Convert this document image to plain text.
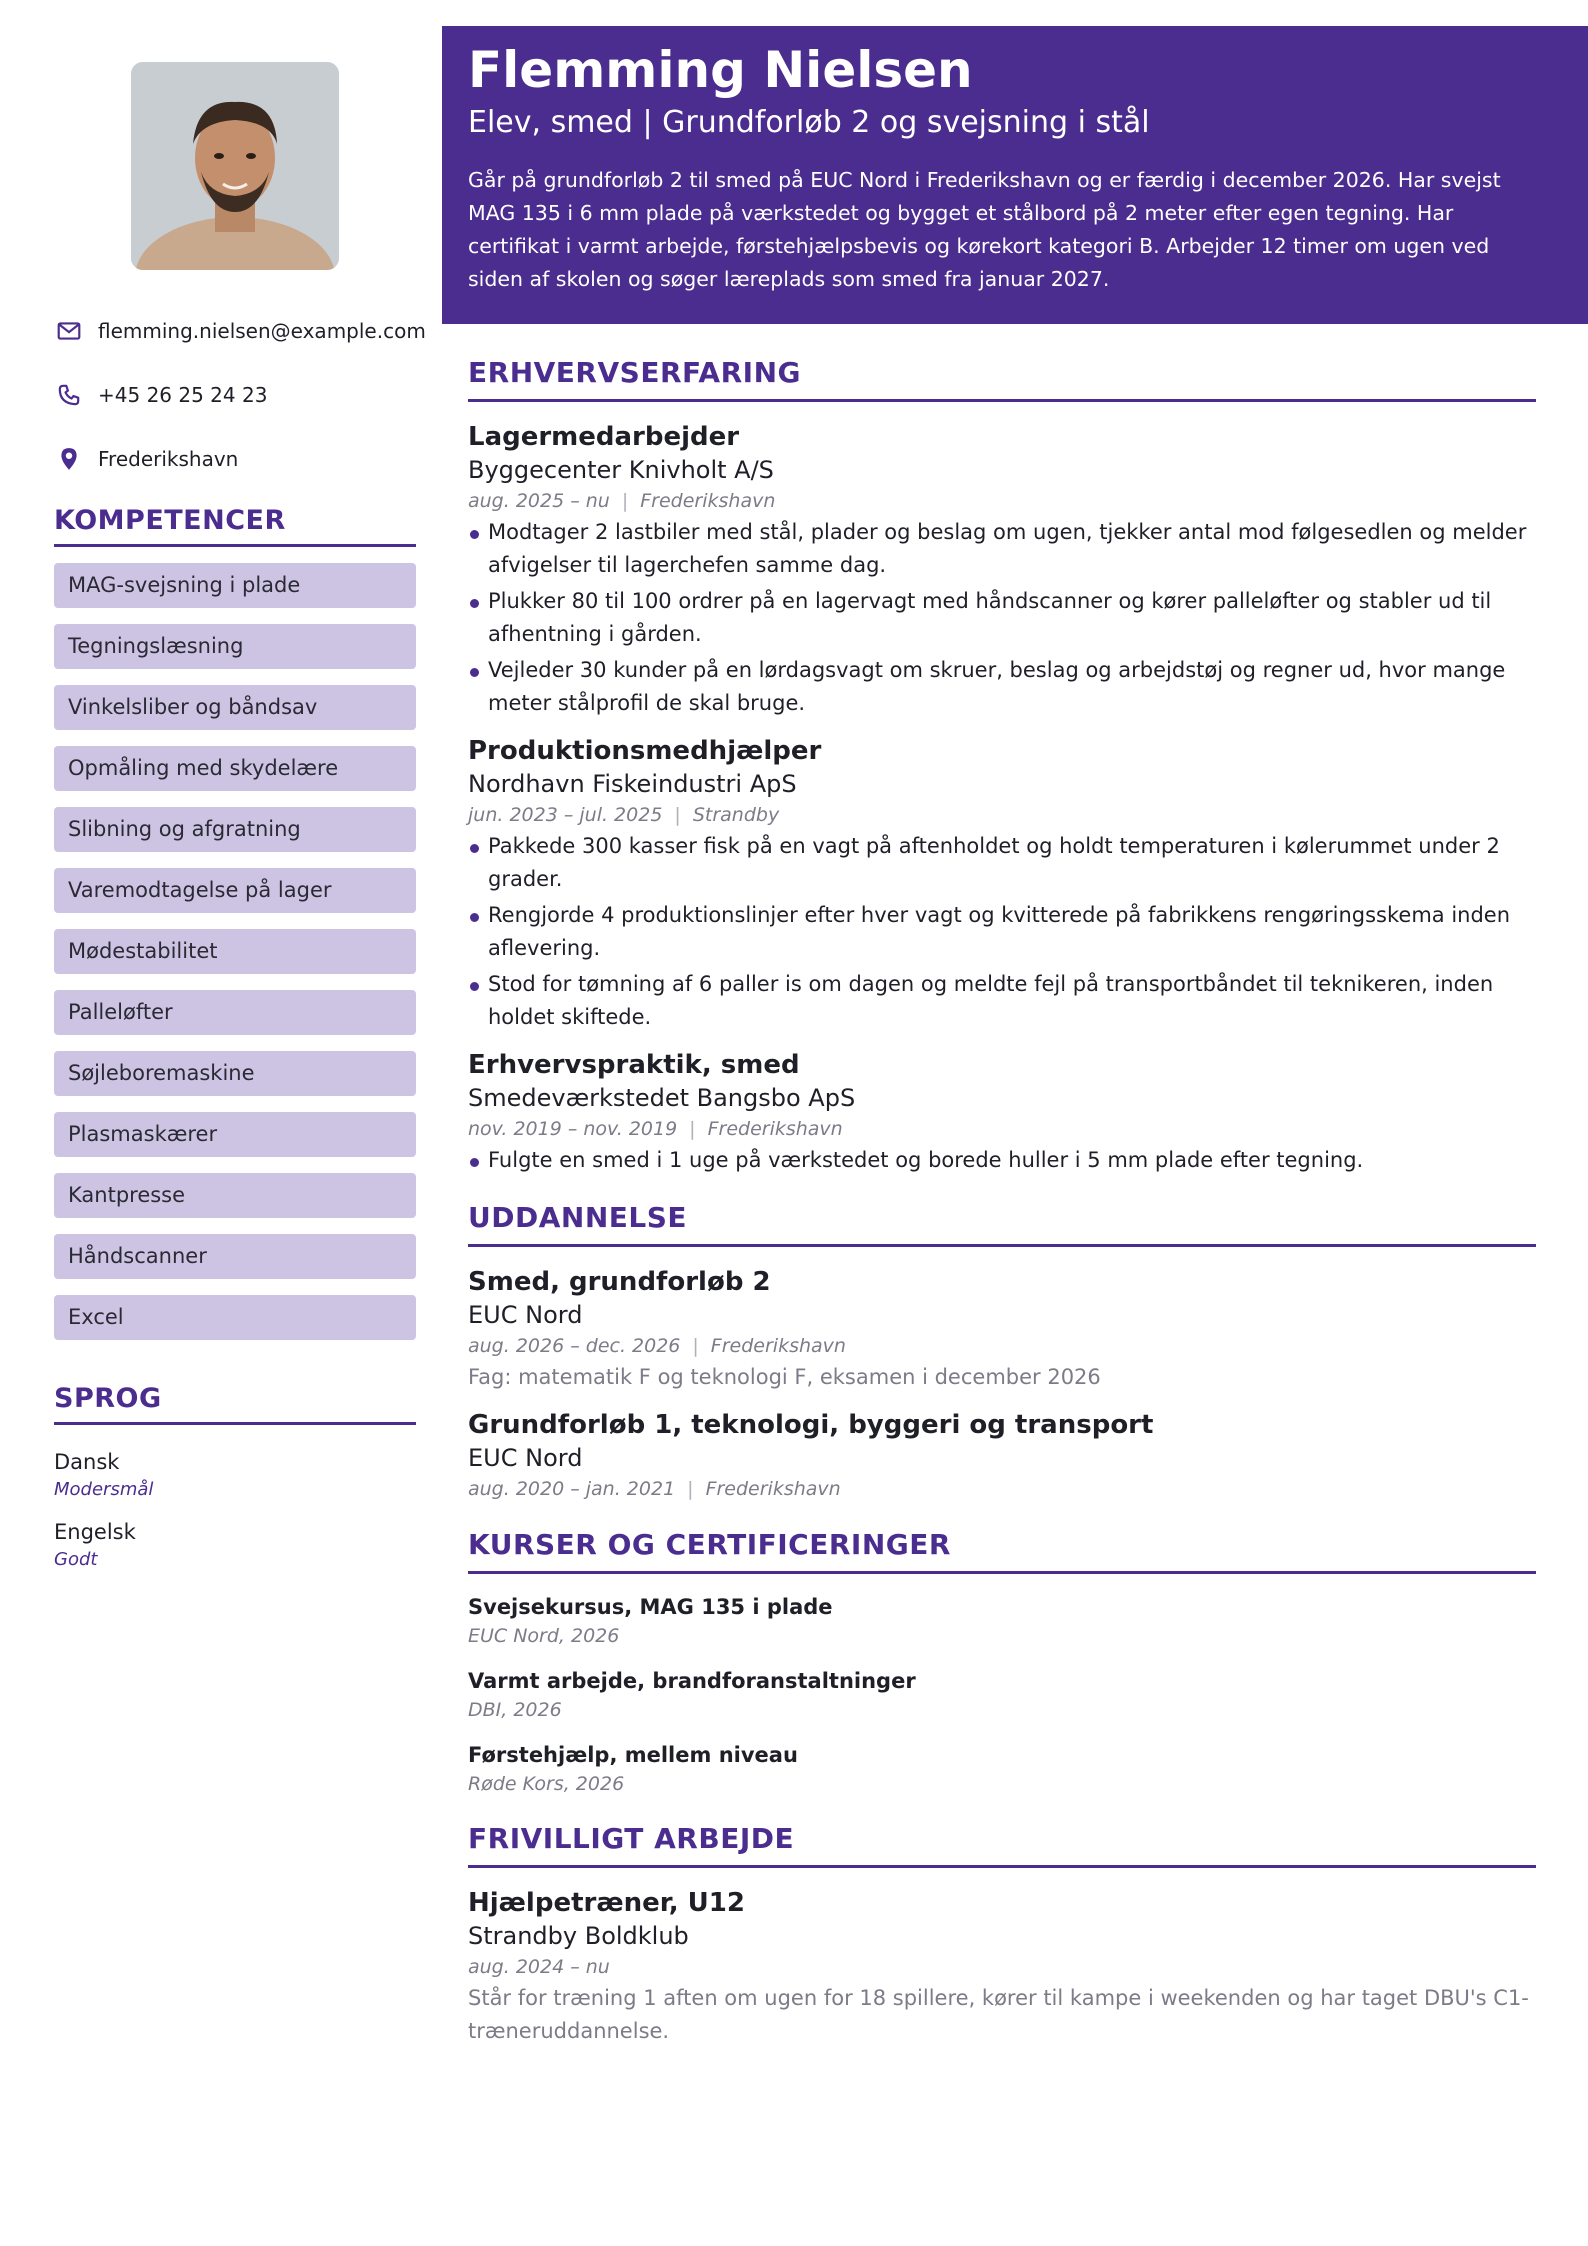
flemming.nielsen@example.com
+45 26 25 24 23
Frederikshavn
KOMPETENCER
MAG-svejsning i plade
Tegningslæsning
Vinkelsliber og båndsav
Opmåling med skydelære
Slibning og afgratning
Varemodtagelse på lager
Mødestabilitet
Palleløfter
Søjleboremaskine
Plasmaskærer
Kantpresse
Håndscanner
Excel
SPROG
Dansk
Modersmål
Engelsk
Godt
Flemming Nielsen
Elev, smed | Grundforløb 2 og svejsning i stål
Går på grundforløb 2 til smed på EUC Nord i Frederikshavn og er færdig i december 2026. Har svejst MAG 135 i 6 mm plade på værkstedet og bygget et stålbord på 2 meter efter egen tegning. Har certifikat i varmt arbejde, førstehjælpsbevis og kørekort kategori B. Arbejder 12 timer om ugen ved siden af skolen og søger læreplads som smed fra januar 2027.
ERHVERVSERFARING
Lagermedarbejder
Byggecenter Knivholt A/S
aug. 2025 – nu | Frederikshavn
Modtager 2 lastbiler med stål, plader og beslag om ugen, tjekker antal mod følgesedlen og melder afvigelser til lagerchefen samme dag.
Plukker 80 til 100 ordrer på en lagervagt med håndscanner og kører palleløfter og stabler ud til afhentning i gården.
Vejleder 30 kunder på en lørdagsvagt om skruer, beslag og arbejdstøj og regner ud, hvor mange meter stålprofil de skal bruge.
Produktionsmedhjælper
Nordhavn Fiskeindustri ApS
jun. 2023 – jul. 2025 | Strandby
Pakkede 300 kasser fisk på en vagt på aftenholdet og holdt temperaturen i kølerummet under 2 grader.
Rengjorde 4 produktionslinjer efter hver vagt og kvitterede på fabrikkens rengøringsskema inden aflevering.
Stod for tømning af 6 paller is om dagen og meldte fejl på transportbåndet til teknikeren, inden holdet skiftede.
Erhvervspraktik, smed
Smedeværkstedet Bangsbo ApS
nov. 2019 – nov. 2019 | Frederikshavn
Fulgte en smed i 1 uge på værkstedet og borede huller i 5 mm plade efter tegning.
UDDANNELSE
Smed, grundforløb 2
EUC Nord
aug. 2026 – dec. 2026 | Frederikshavn
Fag: matematik F og teknologi F, eksamen i december 2026
Grundforløb 1, teknologi, byggeri og transport
EUC Nord
aug. 2020 – jan. 2021 | Frederikshavn
KURSER OG CERTIFICERINGER
Svejsekursus, MAG 135 i plade
EUC Nord, 2026
Varmt arbejde, brandforanstaltninger
DBI, 2026
Førstehjælp, mellem niveau
Røde Kors, 2026
FRIVILLIGT ARBEJDE
Hjælpetræner, U12
Strandby Boldklub
aug. 2024 – nu
Står for træning 1 aften om ugen for 18 spillere, kører til kampe i weekenden og har taget DBU's C1-træneruddannelse.
